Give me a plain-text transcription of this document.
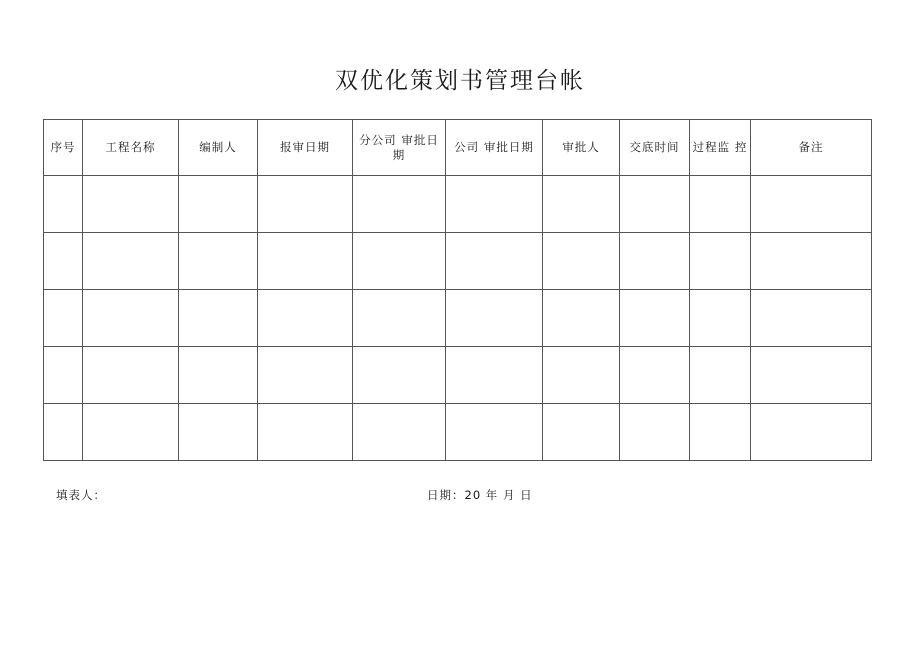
双优化策划书管理台帐
序号	工程名称	编制人	报审日期	分公司 审批日期	公司 审批日期	审批人	交底时间	过程监 控	备注

填表人：	日期：20 年 月 日
